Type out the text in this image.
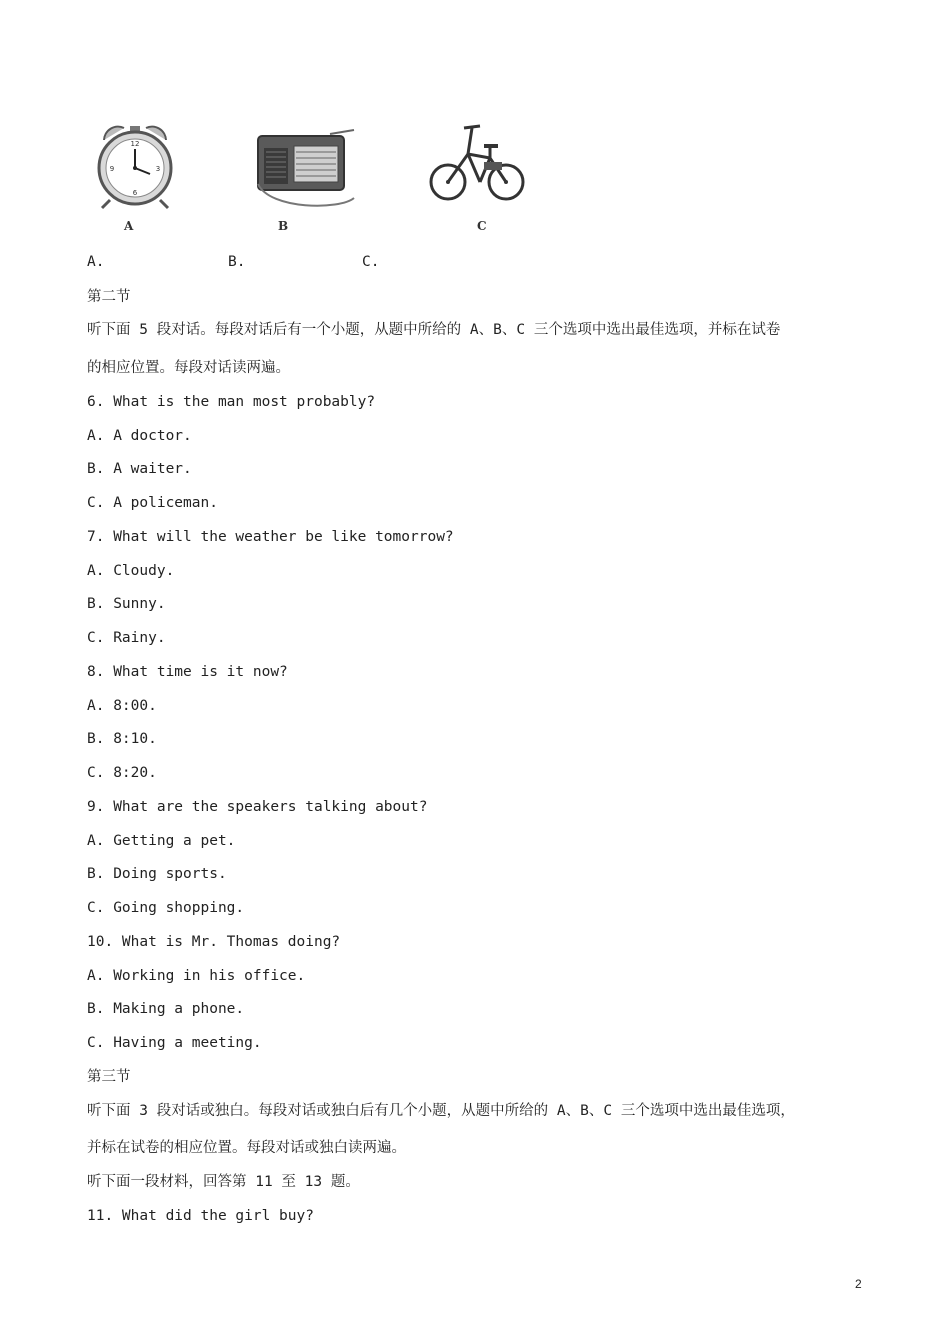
12
3
6
9
A	B	C
A.	B.	C.
第二节
听下面 5 段对话。每段对话后有一个小题，从题中所给的 A、B、C 三个选项中选出最佳选项，并标在试卷
的相应位置。每段对话读两遍。
6. What is the man most probably?
A. A doctor.
B. A waiter.
C. A policeman.
7. What will the weather be like tomorrow?
A. Cloudy.
B. Sunny.
C. Rainy.
8. What time is it now?
A. 8:00.
B. 8:10.
C. 8:20.
9. What are the speakers talking about?
A. Getting a pet.
B. Doing sports.
C. Going shopping.
10. What is Mr. Thomas doing?
A. Working in his office.
B. Making a phone.
C. Having a meeting.
第三节
听下面 3 段对话或独白。每段对话或独白后有几个小题，从题中所给的 A、B、C 三个选项中选出最佳选项，
并标在试卷的相应位置。每段对话或独白读两遍。
听下面一段材料，回答第 11 至 13 题。
11. What did the girl buy?
2
